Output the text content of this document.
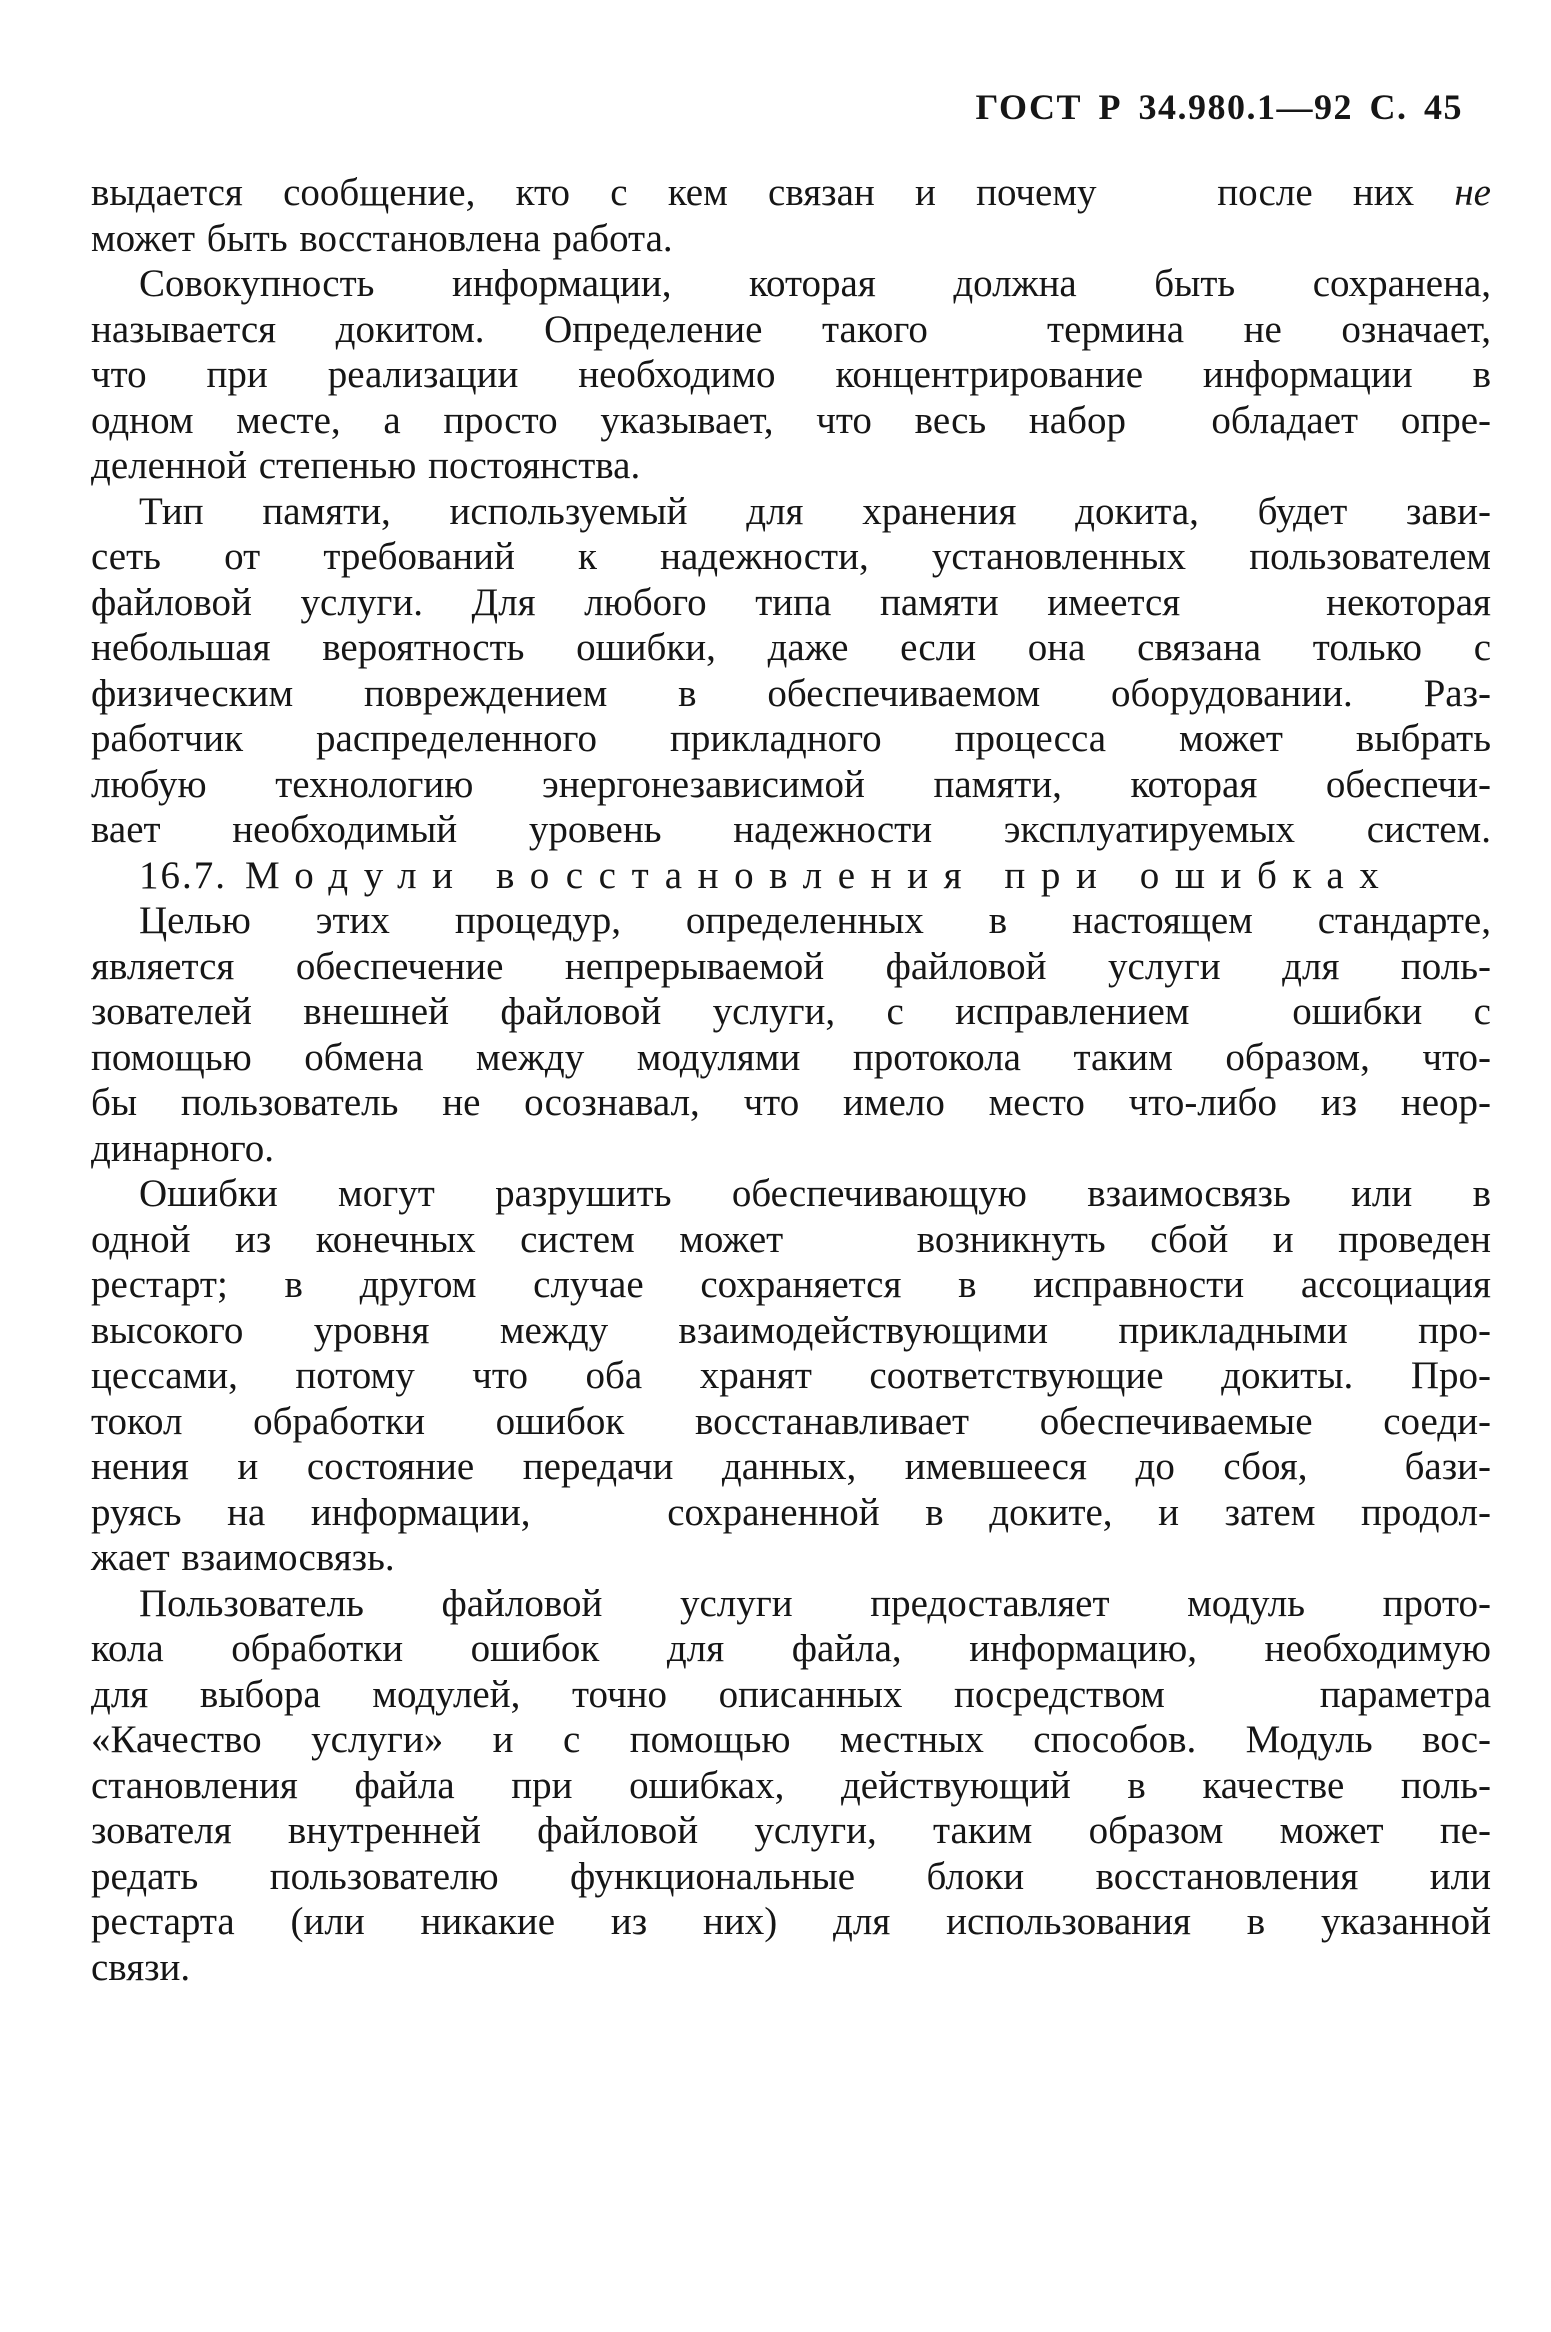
ГОСТ Р 34.980.1—92 С. 45
выдается сообщение, кто с кем связан и почему   после них не
может быть восстановлена работа.
Совокупность информации, которая должна быть сохранена,
называется докитом. Определение такого  термина не означает,
что при реализации необходимо концентрирование информации в
одном месте, а просто указывает, что весь набор  обладает опре-
деленной степенью постоянства.
Тип памяти, используемый для хранения докита, будет зави-
сеть от требований к надежности, установленных пользователем
файловой услуги. Для любого типа памяти имеется   некоторая
небольшая вероятность ошибки, даже если она связана только с
физическим повреждением в обеспечиваемом оборудовании. Раз-
работчик распределенного прикладного процесса может выбрать
любую технологию энергонезависимой памяти, которая обеспечи-
вает необходимый уровень надежности эксплуатируемых систем.
16.7. Модули восстановления при ошибках
Целью этих процедур, определенных в настоящем стандарте,
является обеспечение непрерываемой файловой услуги для поль-
зователей внешней файловой услуги, с исправлением  ошибки с
помощью обмена между модулями протокола таким образом, что-
бы пользователь не осознавал, что имело место что-либо из неор-
динарного.
Ошибки могут разрушить обеспечивающую взаимосвязь или в
одной из конечных систем может   возникнуть сбой и проведен
рестарт; в другом случае сохраняется в исправности ассоциация
высокого уровня между взаимодействующими прикладными про-
цессами, потому что оба хранят соответствующие докиты. Про-
токол обработки ошибок восстанавливает обеспечиваемые соеди-
нения и состояние передачи данных, имевшееся до сбоя,  бази-
руясь на информации,   сохраненной в доките, и затем продол-
жает взаимосвязь.
Пользователь файловой услуги предоставляет модуль прото-
кола обработки ошибок для файла, информацию, необходимую
для выбора модулей, точно описанных посредством   параметра
«Качество услуги» и с помощью местных способов. Модуль вос-
становления файла при ошибках, действующий в качестве поль-
зователя внутренней файловой услуги, таким образом может пе-
редать пользователю функциональные блоки восстановления или
рестарта (или никакие из них) для использования в указанной
связи.
